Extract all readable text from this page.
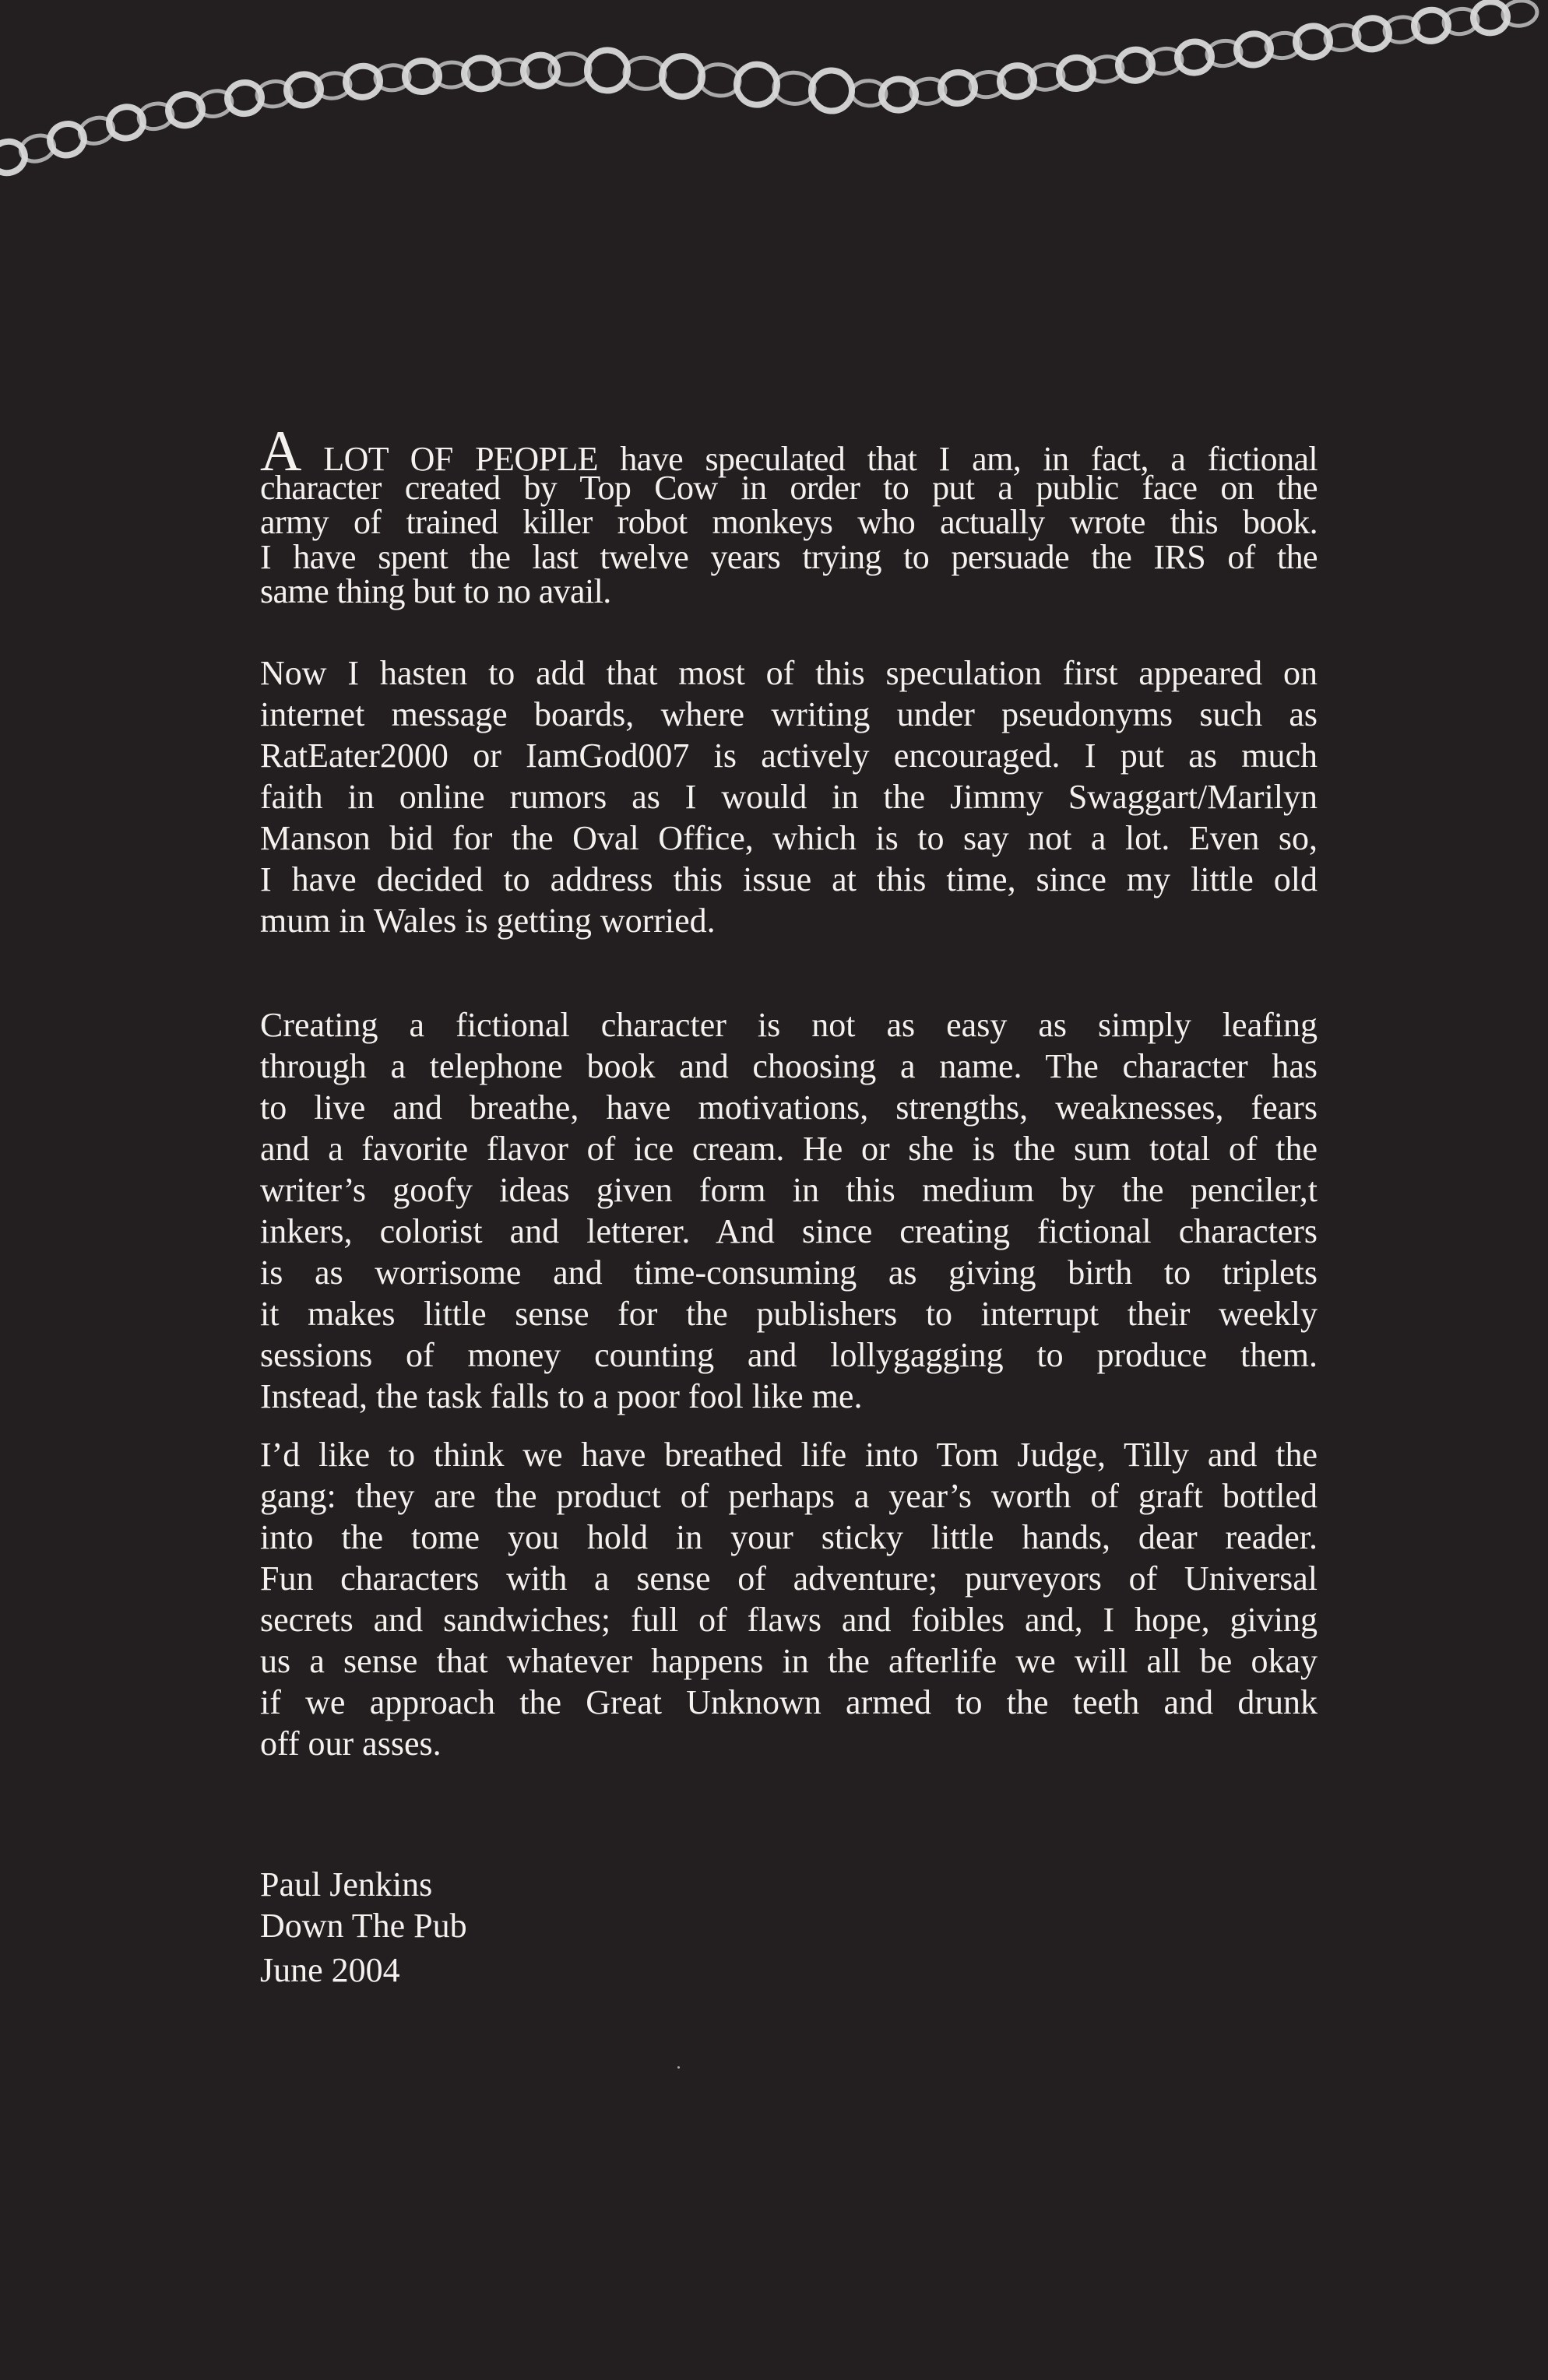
A LOT OF PEOPLE have speculated that I am, in fact, a fictional
character created by Top Cow in order to put a public face on the
army of trained killer robot monkeys who actually wrote this book.
I have spent the last twelve years trying to persuade the IRS of the
same thing but to no avail.
Now I hasten to add that most of this speculation first appeared on
internet message boards, where writing under pseudonyms such as
RatEater2000 or IamGod007 is actively encouraged. I put as much
faith in online rumors as I would in the Jimmy Swaggart/Marilyn
Manson bid for the Oval Office, which is to say not a lot. Even so,
I have decided to address this issue at this time, since my little old
mum in Wales is getting worried.
Creating a fictional character is not as easy as simply leafing
through a telephone book and choosing a name. The character has
to live and breathe, have motivations, strengths, weaknesses, fears
and a favorite flavor of ice cream. He or she is the sum total of the
writer’s goofy ideas given form in this medium by the penciler,t
inkers, colorist and letterer. And since creating fictional characters
is as worrisome and time-consuming as giving birth to triplets
it makes little sense for the publishers to interrupt their weekly
sessions of money counting and lollygagging to produce them.
Instead, the task falls to a poor fool like me.
I’d like to think we have breathed life into Tom Judge, Tilly and the
gang: they are the product of perhaps a year’s worth of graft bottled
into the tome you hold in your sticky little hands, dear reader.
Fun characters with a sense of adventure; purveyors of Universal
secrets and sandwiches; full of flaws and foibles and, I hope, giving
us a sense that whatever happens in the afterlife we will all be okay
if we approach the Great Unknown armed to the teeth and drunk
off our asses.
Paul Jenkins
Down The Pub
June 2004
